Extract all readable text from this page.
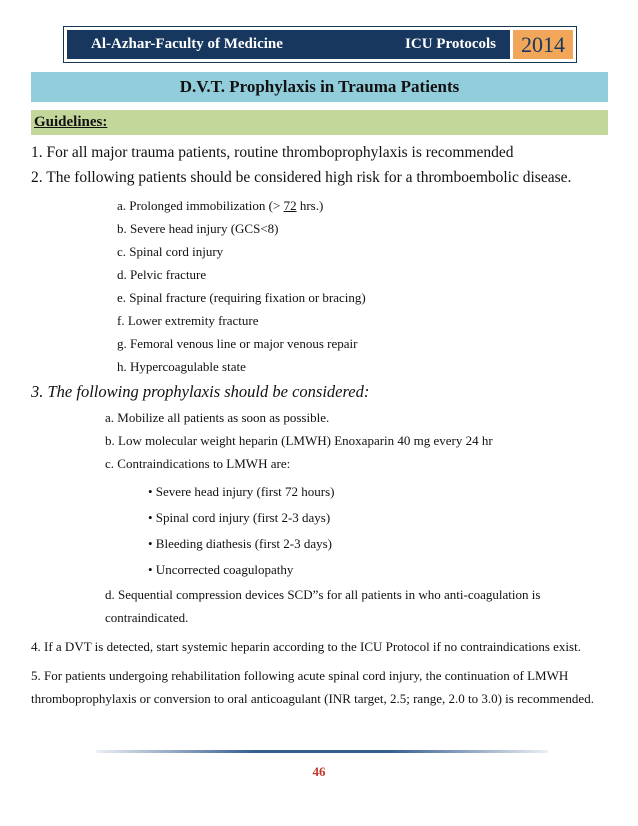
Al-Azhar-Faculty of Medicine	ICU Protocols	2014
D.V.T. Prophylaxis in Trauma Patients
Guidelines:
1. For all major trauma patients, routine thromboprophylaxis is recommended
2. The following patients should be considered high risk for a thromboembolic disease.
a. Prolonged immobilization (> 72 hrs.)
b. Severe head injury (GCS<8)
c. Spinal cord injury
d. Pelvic fracture
e. Spinal fracture (requiring fixation or bracing)
f. Lower extremity fracture
g. Femoral venous line or major venous repair
h. Hypercoagulable state
3. The following prophylaxis should be considered:
a. Mobilize all patients as soon as possible.
b. Low molecular weight heparin (LMWH) Enoxaparin 40 mg every 24 hr
c. Contraindications to LMWH are:
• Severe head injury (first 72 hours)
• Spinal cord injury (first 2-3 days)
• Bleeding diathesis (first 2-3 days)
• Uncorrected coagulopathy
d. Sequential compression devices SCD”s for all patients in who anti-coagulation is
contraindicated.
4. If a DVT is detected, start systemic heparin according to the ICU Protocol if no contraindications exist.
5. For patients undergoing rehabilitation following acute spinal cord injury, the continuation of LMWH thromboprophylaxis or conversion to oral anticoagulant (INR target, 2.5; range, 2.0 to 3.0) is recommended.
46
